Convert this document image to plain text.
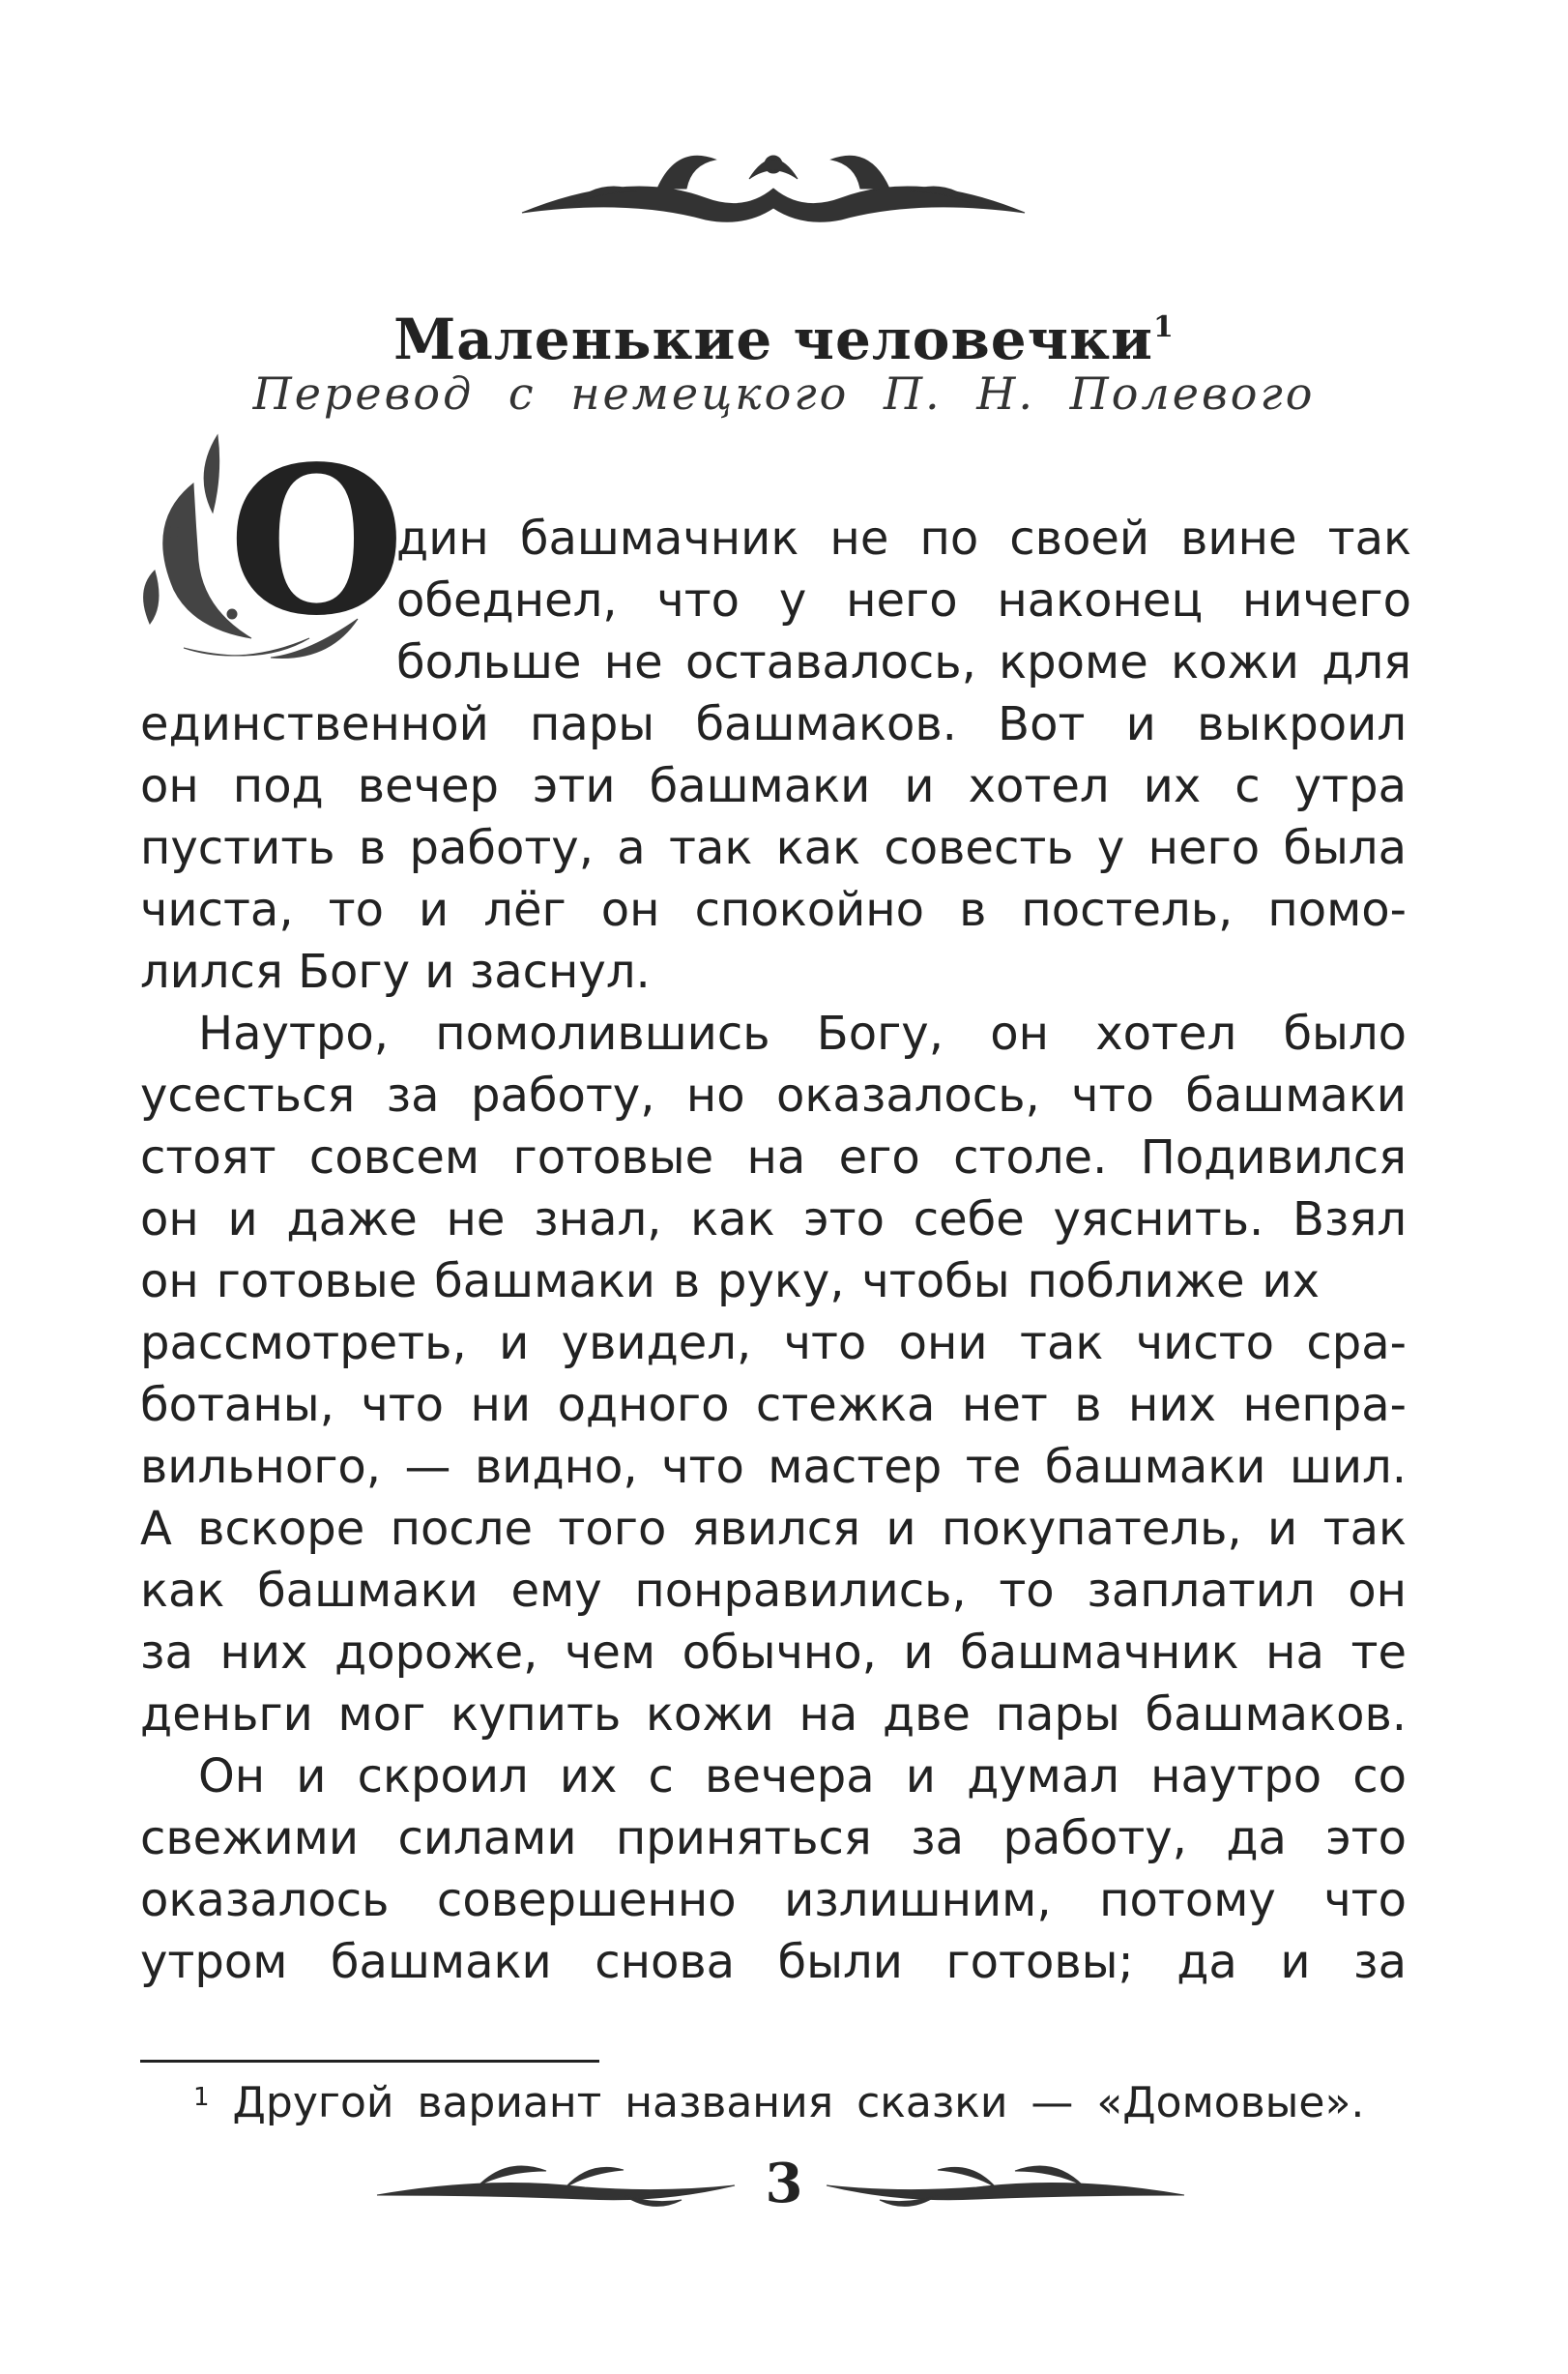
Маленькие человечки$^1$
Перевод с немецкого П. Н. Полевого
О
дин башмачник не по своей вине так
обеднел, что у него наконец ничего
больше не оставалось, кроме кожи для
единственной пары башмаков. Вот и выкроил
он под вечер эти башмаки и хотел их с утра
пустить в работу, а так как совесть у него была
чиста, то и лёг он спокойно в постель, помо-
лился Богу и заснул.
Наутро, помолившись Богу, он хотел было
усесться за работу, но оказалось, что башмаки
стоят совсем готовые на его столе. Подивился
он и даже не знал, как это себе уяснить. Взял
он готовые башмаки в руку, чтобы поближе их
рассмотреть, и увидел, что они так чисто сра-
ботаны, что ни одного стежка нет в них непра-
вильного, — видно, что мастер те башмаки шил.
А вскоре после того явился и покупатель, и так
как башмаки ему понравились, то заплатил он
за них дороже, чем обычно, и башмачник на те
деньги мог купить кожи на две пары башмаков.
Он и скроил их с вечера и думал наутро со
свежими силами приняться за работу, да это
оказалось совершенно излишним, потому что
утром башмаки снова были готовы; да и за
$^1$ Другой вариант названия сказки — «Домовые».
3
